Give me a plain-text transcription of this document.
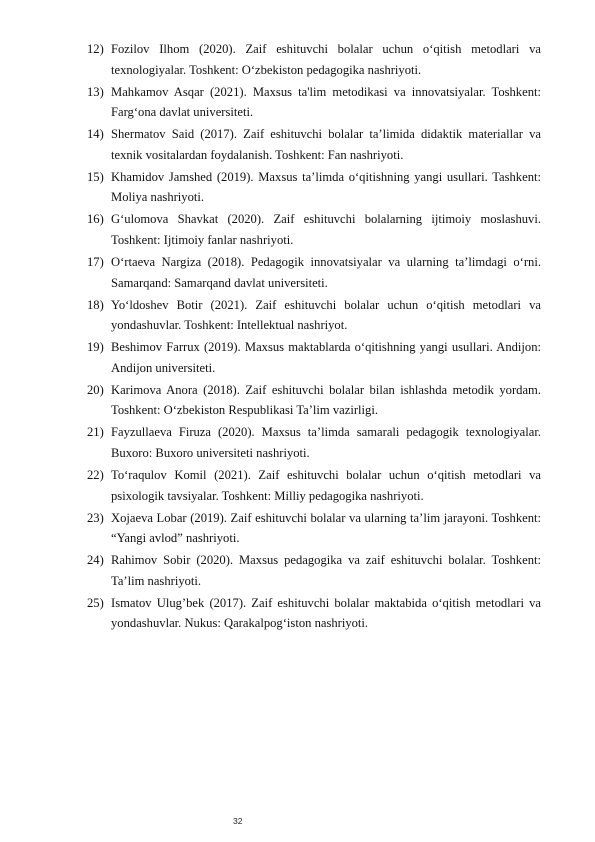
12) Fozilov Ilhom (2020). Zaif eshituvchi bolalar uchun o‘qitish metodlari va texnologiyalar. Toshkent: O‘zbekiston pedagogika nashriyoti.
13) Mahkamov Asqar (2021). Maxsus ta'lim metodikasi va innovatsiyalar. Toshkent: Farg‘ona davlat universiteti.
14) Shermatov Said (2017). Zaif eshituvchi bolalar ta’limida didaktik materiallar va texnik vositalardan foydalanish. Toshkent: Fan nashriyoti.
15) Khamidov Jamshed (2019). Maxsus ta’limda o‘qitishning yangi usullari. Tashkent: Moliya nashriyoti.
16) G‘ulomova Shavkat (2020). Zaif eshituvchi bolalarning ijtimoiy moslashuvi. Toshkent: Ijtimoiy fanlar nashriyoti.
17) O‘rtaeva Nargiza (2018). Pedagogik innovatsiyalar va ularning ta’limdagi o‘rni. Samarqand: Samarqand davlat universiteti.
18) Yo‘ldoshev Botir (2021). Zaif eshituvchi bolalar uchun o‘qitish metodlari va yondashuvlar. Toshkent: Intellektual nashriyot.
19) Beshimov Farrux (2019). Maxsus maktablarda o‘qitishning yangi usullari. Andijon: Andijon universiteti.
20) Karimova Anora (2018). Zaif eshituvchi bolalar bilan ishlashda metodik yordam. Toshkent: O‘zbekiston Respublikasi Ta’lim vazirligi.
21) Fayzullaeva Firuza (2020). Maxsus ta’limda samarali pedagogik texnologiyalar. Buxoro: Buxoro universiteti nashriyoti.
22) To‘raqulov Komil (2021). Zaif eshituvchi bolalar uchun o‘qitish metodlari va psixologik tavsiyalar. Toshkent: Milliy pedagogika nashriyoti.
23) Xojaeva Lobar (2019). Zaif eshituvchi bolalar va ularning ta’lim jarayoni. Toshkent: “Yangi avlod” nashriyoti.
24) Rahimov Sobir (2020). Maxsus pedagogika va zaif eshituvchi bolalar. Toshkent: Ta’lim nashriyoti.
25) Ismatov Ulug’bek (2017). Zaif eshituvchi bolalar maktabida o‘qitish metodlari va yondashuvlar. Nukus: Qarakalpog‘iston nashriyoti.
32
